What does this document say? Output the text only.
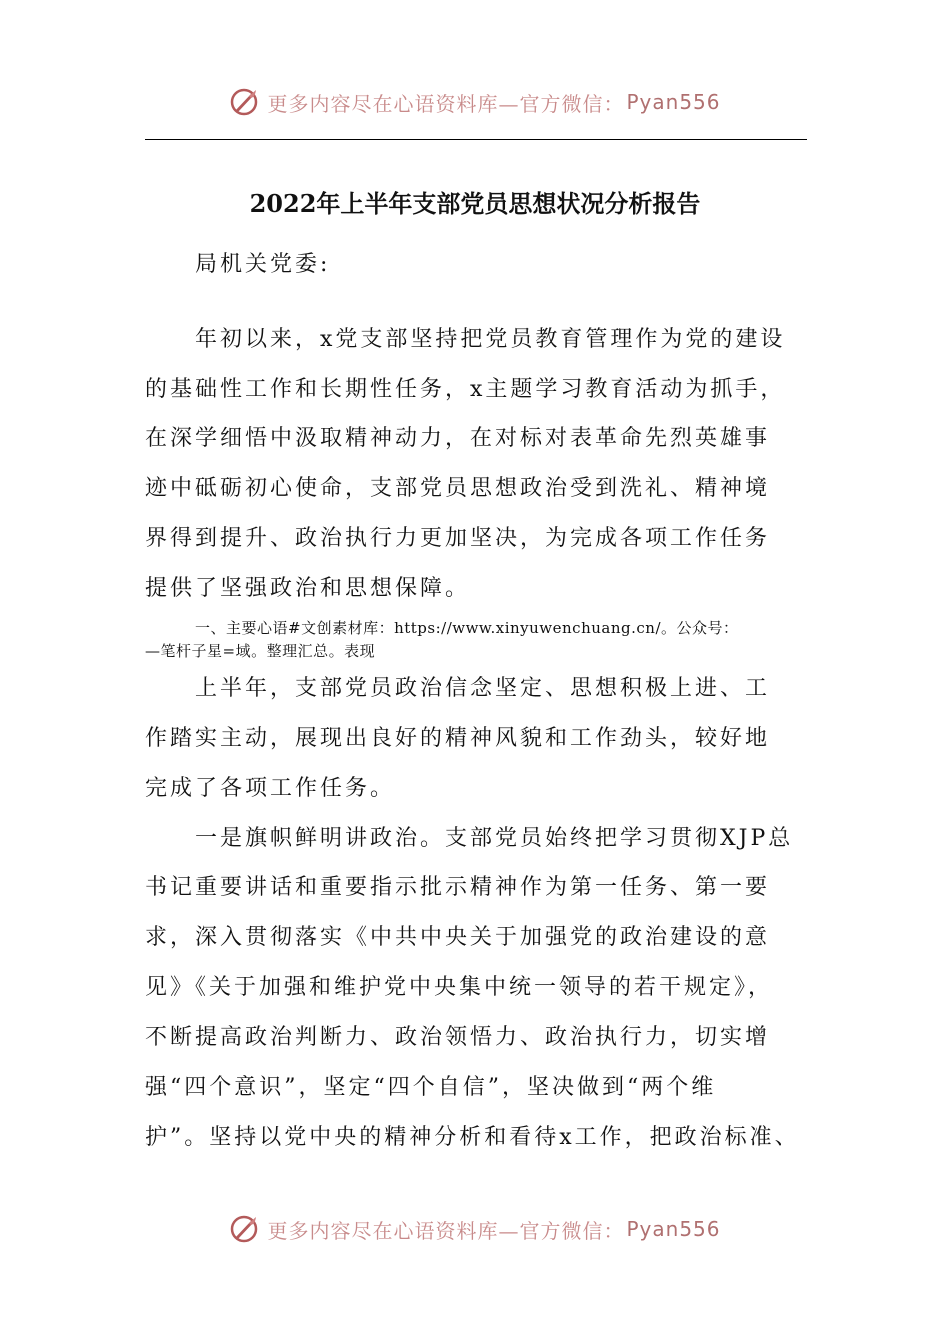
更多内容尽在心语资料库—官方微信： Pyan556
2022年上半年支部党员思想状况分析报告
局机关党委:
年初以来，x党支部坚持把党员教育管理作为党的建设
的基础性工作和长期性任务，x主题学习教育活动为抓手，
在深学细悟中汲取精神动力，在对标对表革命先烈英雄事
迹中砥砺初心使命，支部党员思想政治受到洗礼、精神境
界得到提升、政治执行力更加坚决，为完成各项工作任务
提供了坚强政治和思想保障。
一、主要心语#文创素材库：https://www.xinyuwenchuang.cn/。公众号：
—笔杆子星=域。整理汇总。表现
上半年，支部党员政治信念坚定、思想积极上进、工
作踏实主动，展现出良好的精神风貌和工作劲头，较好地
完成了各项工作任务。
一是旗帜鲜明讲政治。支部党员始终把学习贯彻XJP总
书记重要讲话和重要指示批示精神作为第一任务、第一要
求，深入贯彻落实《中共中央关于加强党的政治建设的意
见》《关于加强和维护党中央集中统一领导的若干规定》，
不断提高政治判断力、政治领悟力、政治执行力，切实增
强“四个意识”，坚定“四个自信”，坚决做到“两个维
护”。坚持以党中央的精神分析和看待x工作，把政治标准、
更多内容尽在心语资料库—官方微信： Pyan556
